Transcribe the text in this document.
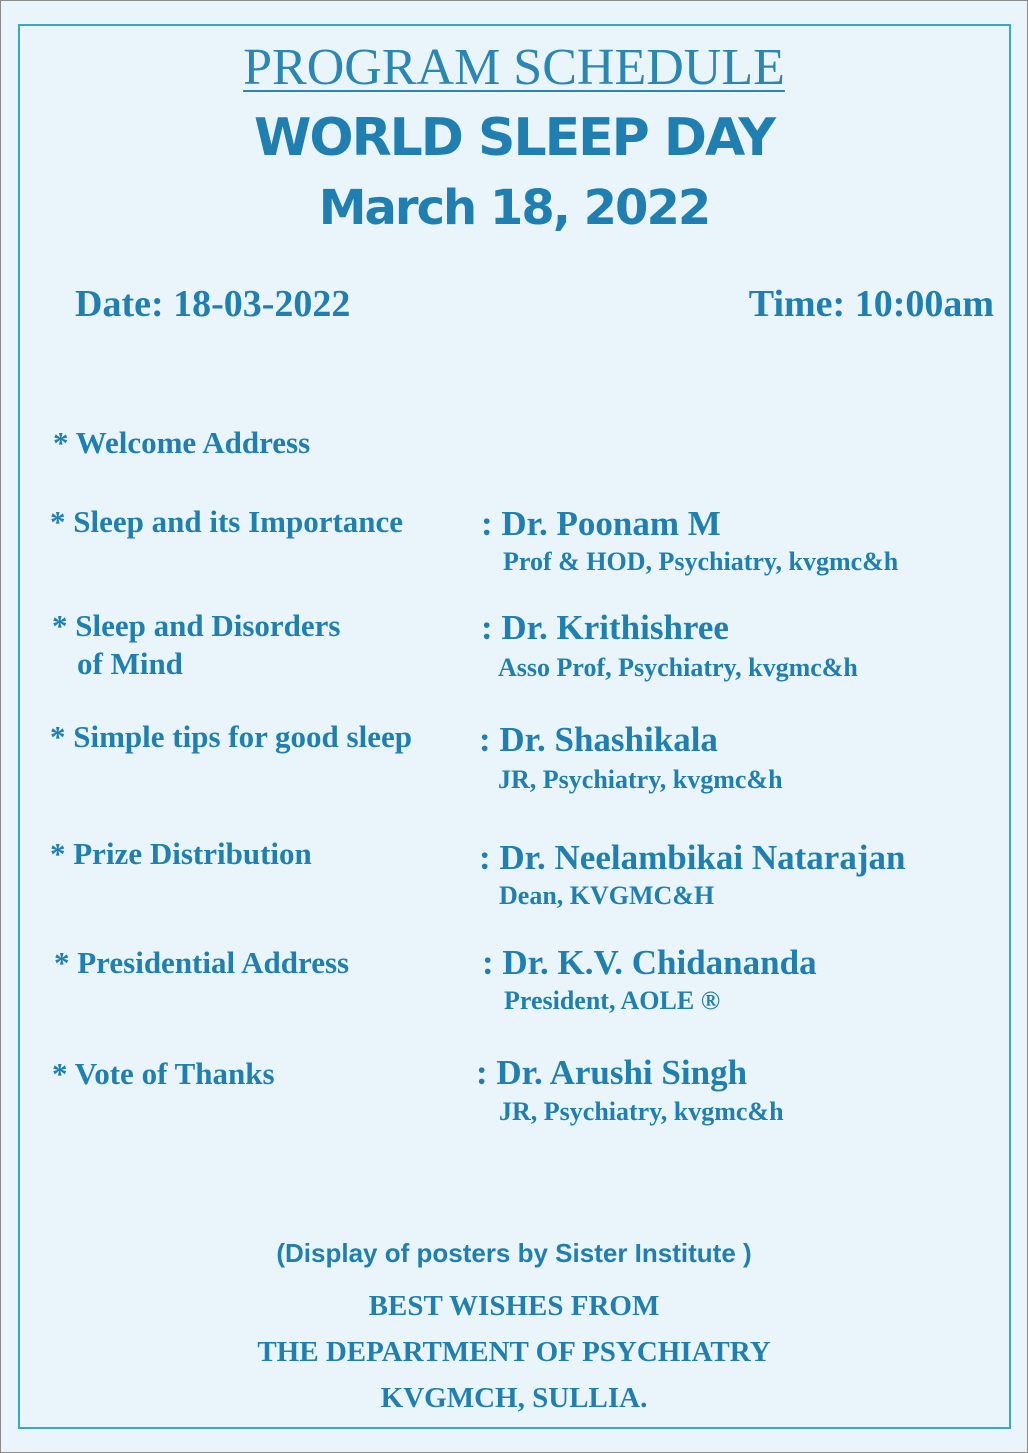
PROGRAM SCHEDULE
WORLD SLEEP DAY
March 18, 2022
Date: 18-03-2022	Time: 10:00am
* Welcome Address
* Sleep and its Importance : Dr. Poonam M
Prof & HOD, Psychiatry, kvgmc&h
* Sleep and Disorders
of Mind
: Dr. Krithishree
Asso Prof, Psychiatry, kvgmc&h
* Simple tips for good sleep : Dr. Shashikala
JR, Psychiatry, kvgmc&h
* Prize Distribution	: Dr. Neelambikai Natarajan
Dean, KVGMC&H
* Presidential Address	: Dr. K.V. Chidananda
President, AOLE ®
* Vote of Thanks	: Dr. Arushi Singh
JR, Psychiatry, kvgmc&h
(Display of posters by Sister Institute )
BEST WISHES FROM
THE DEPARTMENT OF PSYCHIATRY
KVGMCH, SULLIA.
